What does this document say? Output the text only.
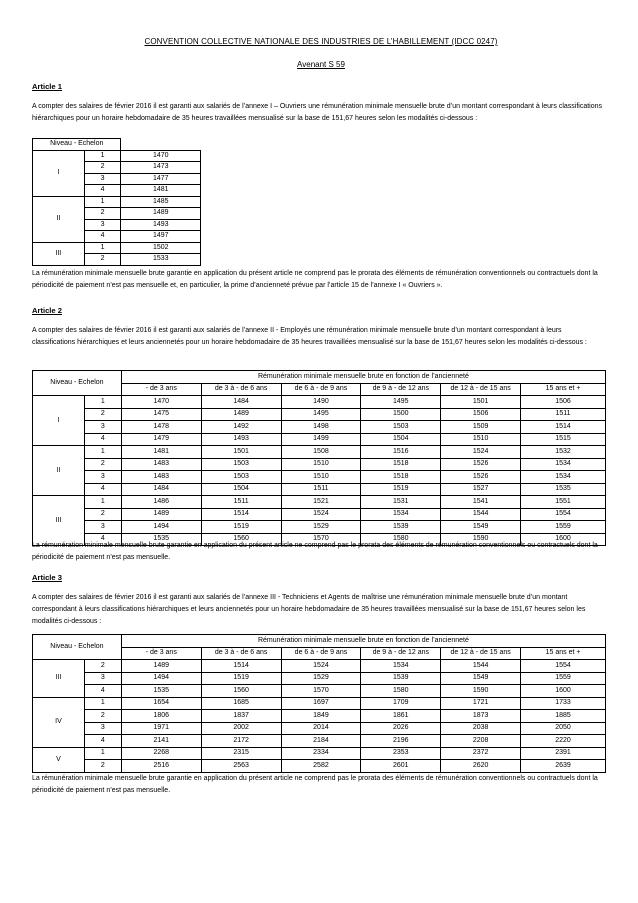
CONVENTION COLLECTIVE NATIONALE DES INDUSTRIES DE L’HABILLEMENT (IDCC 0247)
Avenant S 59
Article 1
A compter des salaires de février 2016 il est garanti aux salariés de l’annexe I – Ouvriers une rémunération minimale mensuelle brute d’un montant correspondant à leurs classifications hiérarchiques pour un horaire hebdomadaire de 35 heures travaillées mensualisé sur la base de 151,67 heures selon les modalités ci-dessous :
Niveau - Echelon		
I	1	1470
	2	1473
	3	1477
	4	1481
II	1	1485
	2	1489
	3	1493
	4	1497
III	1	1502
	2	1533
La rémunération minimale mensuelle brute garantie en application du présent article ne comprend pas le prorata des éléments de rémunération conventionnels ou contractuels dont la périodicité de paiement n’est pas mensuelle et, en particulier, la prime d’ancienneté prévue par l’article 15 de l’annexe I « Ouvriers ».
Article 2
A compter des salaires de février 2016 il est garanti aux salariés de l’annexe II - Employés une rémunération minimale mensuelle brute d’un montant correspondant à leurs classifications hiérarchiques et leurs anciennetés pour un horaire hebdomadaire de 35 heures travaillées mensualisé sur la base de 151,67 heures selon les modalités ci-dessous :
Niveau - Echelon		Rémunération minimale mensuelle brute en fonction de l’ancienneté					
		- de 3 ans	de 3 à - de 6 ans	de 6 à - de 9 ans	de 9 à - de 12 ans	de 12 à - de 15 ans	15 ans et +
I	1	1470	1484	1490	1495	1501	1506
	2	1475	1489	1495	1500	1506	1511
	3	1478	1492	1498	1503	1509	1514
	4	1479	1493	1499	1504	1510	1515
II	1	1481	1501	1508	1516	1524	1532
	2	1483	1503	1510	1518	1526	1534
	3	1483	1503	1510	1518	1526	1534
	4	1484	1504	1511	1519	1527	1535
III	1	1486	1511	1521	1531	1541	1551
	2	1489	1514	1524	1534	1544	1554
	3	1494	1519	1529	1539	1549	1559
	4	1535	1560	1570	1580	1590	1600
La rémunération minimale mensuelle brute garantie en application du présent article ne comprend pas le prorata des éléments de rémunération conventionnels ou contractuels dont la périodicité de paiement n’est pas mensuelle.
Article 3
A compter des salaires de février 2016 il est garanti aux salariés de l’annexe III - Techniciens et Agents de maîtrise une rémunération minimale mensuelle brute d’un montant correspondant à leurs classifications hiérarchiques et leurs anciennetés pour un horaire hebdomadaire de 35 heures travaillées mensualisé sur la base de 151,67 heures selon les modalités ci-dessous :
Niveau - Echelon		Rémunération minimale mensuelle brute en fonction de l’ancienneté					
		- de 3 ans	de 3 à - de 6 ans	de 6 à - de 9 ans	de 9 à - de 12 ans	de 12 à - de 15 ans	15 ans et +
III	2	1489	1514	1524	1534	1544	1554
	3	1494	1519	1529	1539	1549	1559
	4	1535	1560	1570	1580	1590	1600
IV	1	1654	1685	1697	1709	1721	1733
	2	1806	1837	1849	1861	1873	1885
	3	1971	2002	2014	2026	2038	2050
	4	2141	2172	2184	2196	2208	2220
V	1	2268	2315	2334	2353	2372	2391
	2	2516	2563	2582	2601	2620	2639
La rémunération minimale mensuelle brute garantie en application du présent article ne comprend pas le prorata des éléments de rémunération conventionnels ou contractuels dont la périodicité de paiement n’est pas mensuelle.
